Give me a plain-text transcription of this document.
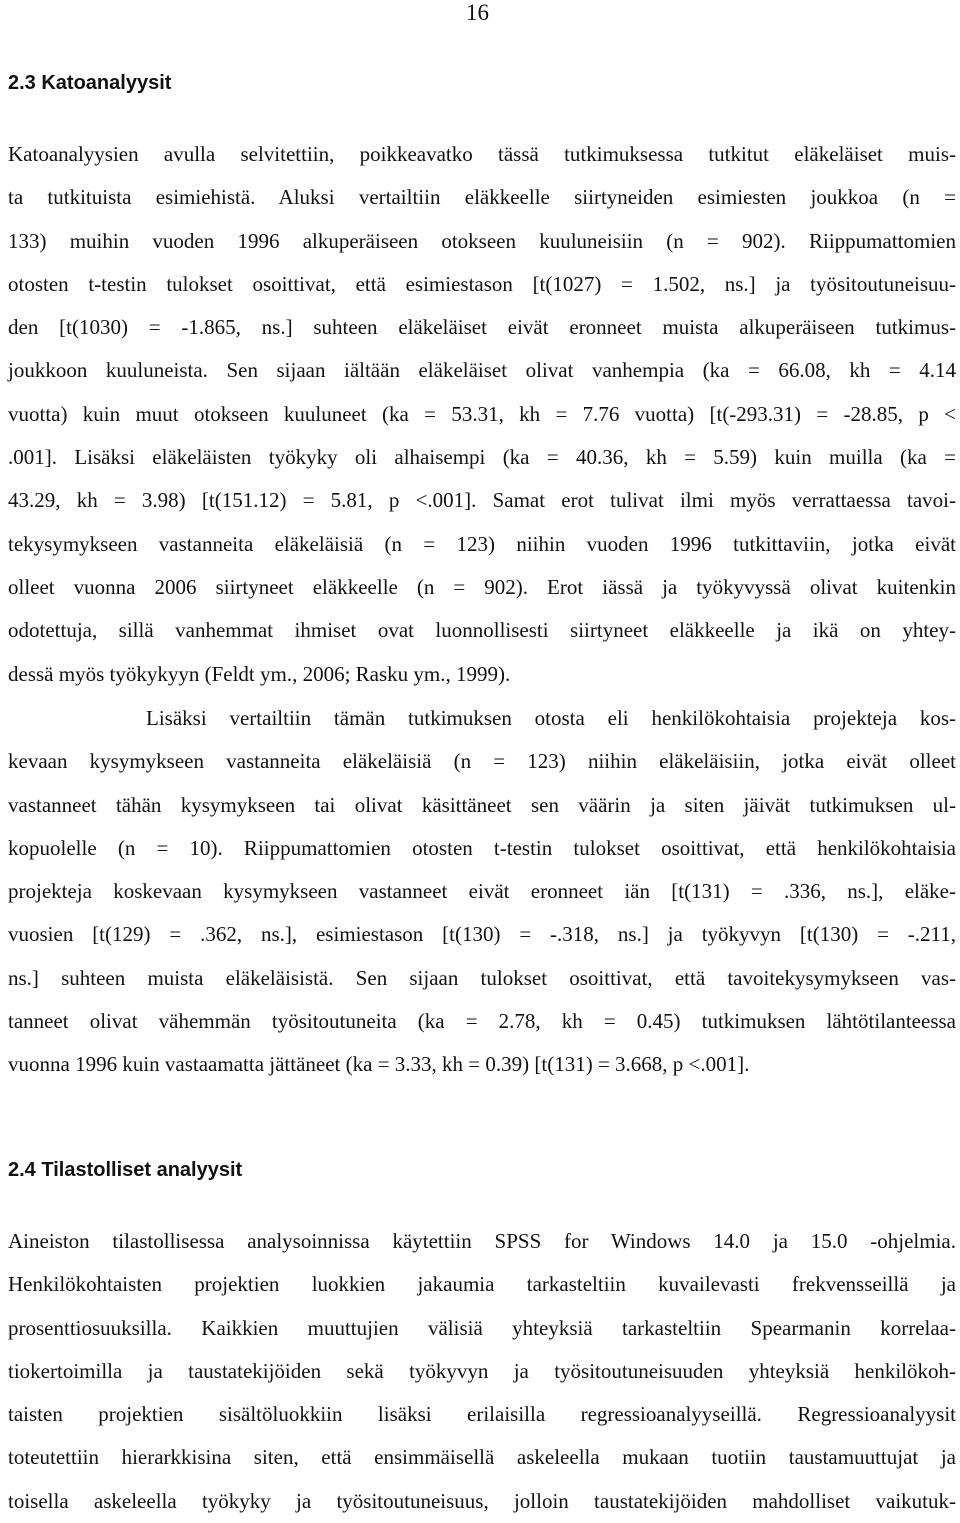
16
2.3 Katoanalyysit
Katoanalyysien avulla selvitettiin, poikkeavatko tässä tutkimuksessa tutkitut eläkeläiset muis-
ta tutkituista esimiehistä. Aluksi vertailtiin eläkkeelle siirtyneiden esimiesten joukkoa (n =
133) muihin vuoden 1996 alkuperäiseen otokseen kuuluneisiin (n = 902). Riippumattomien
otosten t-testin tulokset osoittivat, että esimiestason [t(1027) = 1.502, ns.] ja työsitoutuneisuu-
den [t(1030) = -1.865, ns.] suhteen eläkeläiset eivät eronneet muista alkuperäiseen tutkimus-
joukkoon kuuluneista. Sen sijaan iältään eläkeläiset olivat vanhempia (ka = 66.08, kh = 4.14
vuotta) kuin muut otokseen kuuluneet (ka = 53.31, kh = 7.76 vuotta) [t(-293.31) = -28.85, p <
.001]. Lisäksi eläkeläisten työkyky oli alhaisempi (ka = 40.36, kh = 5.59) kuin muilla (ka =
43.29, kh = 3.98) [t(151.12) = 5.81, p <.001]. Samat erot tulivat ilmi myös verrattaessa tavoi-
tekysymykseen vastanneita eläkeläisiä (n = 123) niihin vuoden 1996 tutkittaviin, jotka eivät
olleet vuonna 2006 siirtyneet eläkkeelle (n = 902). Erot iässä ja työkyvyssä olivat kuitenkin
odotettuja, sillä vanhemmat ihmiset ovat luonnollisesti siirtyneet eläkkeelle ja ikä on yhtey-
dessä myös työkykyyn (Feldt ym., 2006; Rasku ym., 1999).
Lisäksi vertailtiin tämän tutkimuksen otosta eli henkilökohtaisia projekteja kos-
kevaan kysymykseen vastanneita eläkeläisiä (n = 123) niihin eläkeläisiin, jotka eivät olleet
vastanneet tähän kysymykseen tai olivat käsittäneet sen väärin ja siten jäivät tutkimuksen ul-
kopuolelle (n = 10). Riippumattomien otosten t-testin tulokset osoittivat, että henkilökohtaisia
projekteja koskevaan kysymykseen vastanneet eivät eronneet iän [t(131) = .336, ns.], eläke-
vuosien [t(129) = .362, ns.], esimiestason [t(130) = -.318, ns.] ja työkyvyn [t(130) = -.211,
ns.] suhteen muista eläkeläisistä. Sen sijaan tulokset osoittivat, että tavoitekysymykseen vas-
tanneet olivat vähemmän työsitoutuneita (ka = 2.78, kh = 0.45) tutkimuksen lähtötilanteessa
vuonna 1996 kuin vastaamatta jättäneet (ka = 3.33, kh = 0.39) [t(131) = 3.668, p <.001].
2.4 Tilastolliset analyysit
Aineiston tilastollisessa analysoinnissa käytettiin SPSS for Windows 14.0 ja 15.0 -ohjelmia.
Henkilökohtaisten projektien luokkien jakaumia tarkasteltiin kuvailevasti frekvensseillä ja
prosenttiosuuksilla. Kaikkien muuttujien välisiä yhteyksiä tarkasteltiin Spearmanin korrelaa-
tiokertoimilla ja taustatekijöiden sekä työkyvyn ja työsitoutuneisuuden yhteyksiä henkilökoh-
taisten projektien sisältöluokkiin lisäksi erilaisilla regressioanalyyseillä. Regressioanalyysit
toteutettiin hierarkkisina siten, että ensimmäisellä askeleella mukaan tuotiin taustamuuttujat ja
toisella askeleella työkyky ja työsitoutuneisuus, jolloin taustatekijöiden mahdolliset vaikutuk-
